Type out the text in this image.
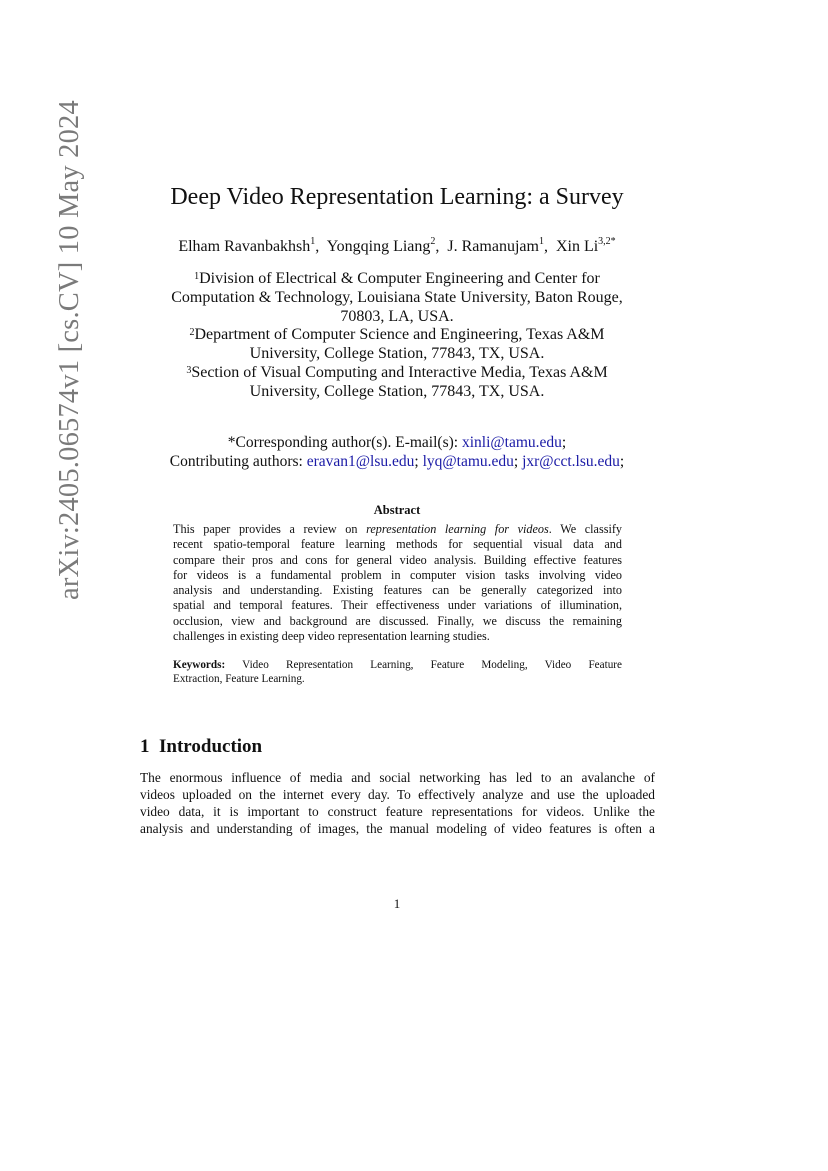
arXiv:2405.06574v1 [cs.CV] 10 May 2024	Deep Video Representation Learning: a Survey
Elham Ravanbakhsh$^1$,  Yongqing Liang$^2$,  J. Ramanujam$^1$,  Xin $Li^{3,2*}$
$^1$Division of Electrical & Computer Engineering and Center for
Computation & Technology, Louisiana State University, Baton Rouge,
70803, LA, USA.
$^2$Department of Computer Science and Engineering, Texas A&M
University, College Station, 77843, TX, USA.
$^3$Section of Visual Computing and Interactive Media, Texas A&M
University, College Station, 77843, TX, USA.
*Corresponding author(s). E-mail(s): xinli@tamu.edu;
Contributing authors: eravan1@lsu.edu; lyq@tamu.edu; jxr@cct.lsu.edu;
Abstract
This paper provides a review on representation learning for videos. We classify
recent spatio-temporal feature learning methods for sequential visual data and
compare their pros and cons for general video analysis. Building effective features
for videos is a fundamental problem in computer vision tasks involving video
analysis and understanding. Existing features can be generally categorized into
spatial and temporal features. Their effectiveness under variations of illumination,
occlusion, view and background are discussed. Finally, we discuss the remaining
challenges in existing deep video representation learning studies.
Keywords: Video Representation Learning, Feature Modeling, Video Feature
Extraction, Feature Learning.
1 Introduction
The enormous influence of media and social networking has led to an avalanche of
videos uploaded on the internet every day. To effectively analyze and use the uploaded
video data, it is important to construct feature representations for videos. Unlike the
analysis and understanding of images, the manual modeling of video features is often a
1
